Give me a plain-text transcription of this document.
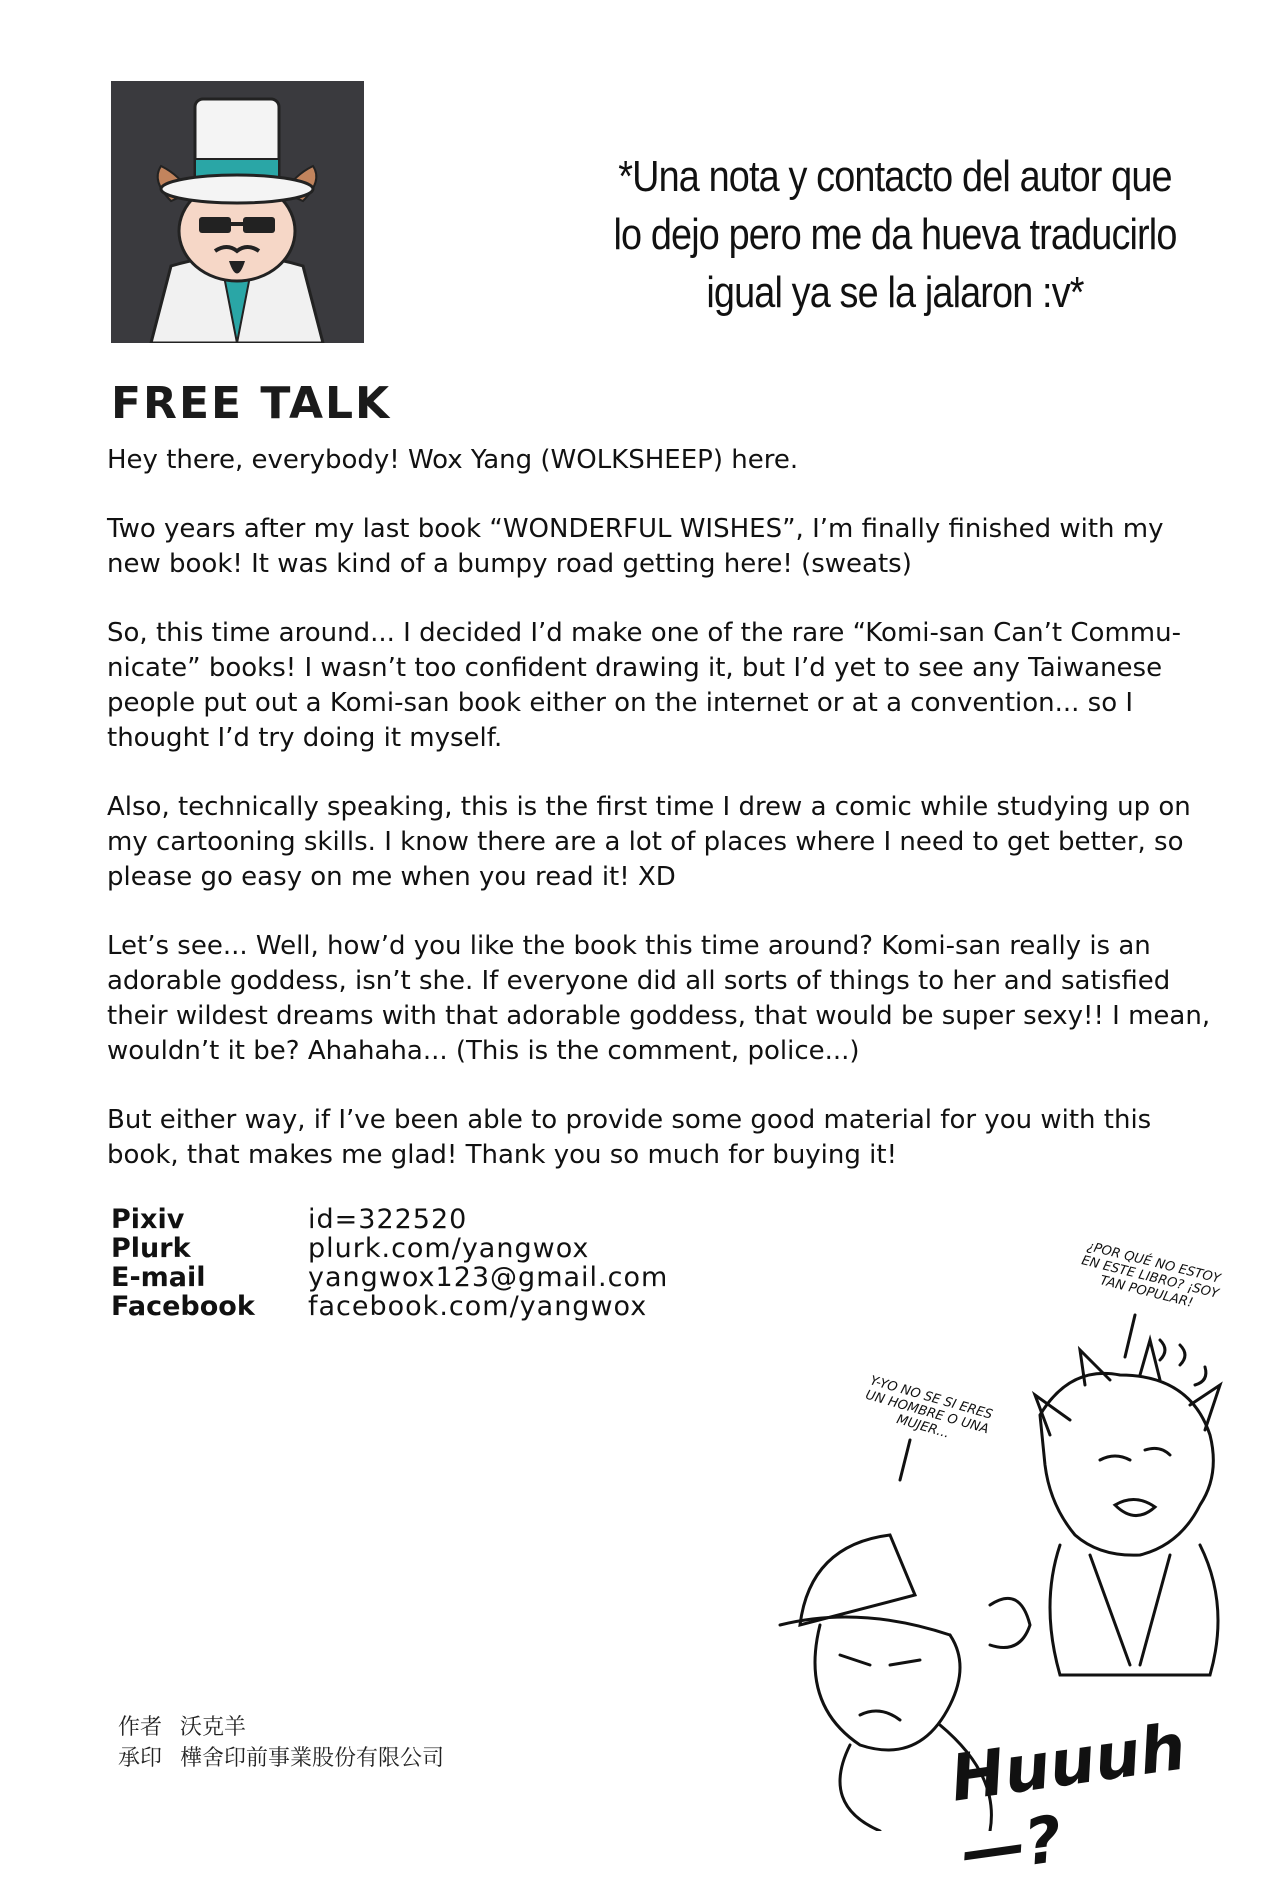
*Una nota y contacto del autor que lo dejo pero me da hueva traducirlo igual ya se la jalaron :v*
FREE TALK

Hey there, everybody! Wox Yang (WOLKSHEEP) here.

Two years after my last book “WONDERFUL WISHES”, I’m finally finished with my new book! It was kind of a bumpy road getting here! (sweats)

So, this time around... I decided I’d make one of the rare “Komi-san Can’t Commu-nicate” books! I wasn’t too confident drawing it, but I’d yet to see any Taiwanese people put out a Komi-san book either on the internet or at a convention... so I thought I’d try doing it myself.

Also, technically speaking, this is the first time I drew a comic while studying up on my cartooning skills. I know there are a lot of places where I need to get better, so please go easy on me when you read it! XD

Let’s see... Well, how’d you like the book this time around? Komi-san really is an adorable goddess, isn’t she. If everyone did all sorts of things to her and satisfied their wildest dreams with that adorable goddess, that would be super sexy!! I mean, wouldn’t it be? Ahahaha... (This is the comment, police...)

But either way, if I’ve been able to provide some good material for you with this book, that makes me glad! Thank you so much for buying it!

Pixiv	id=322520
Plurk	plurk.com/yangwox
E-mail	yangwox123@gmail.com
Facebook	facebook.com/yangwox
¿POR QUÉ NO ESTOY EN ESTE LIBRO? ¡SOY TAN POPULAR!
Y-YO NO SE SI ERES UN HOMBRE O UNA MUJER...
Huuuh—?
作者 沃克羊
承印 樺舍印前事業股份有限公司
